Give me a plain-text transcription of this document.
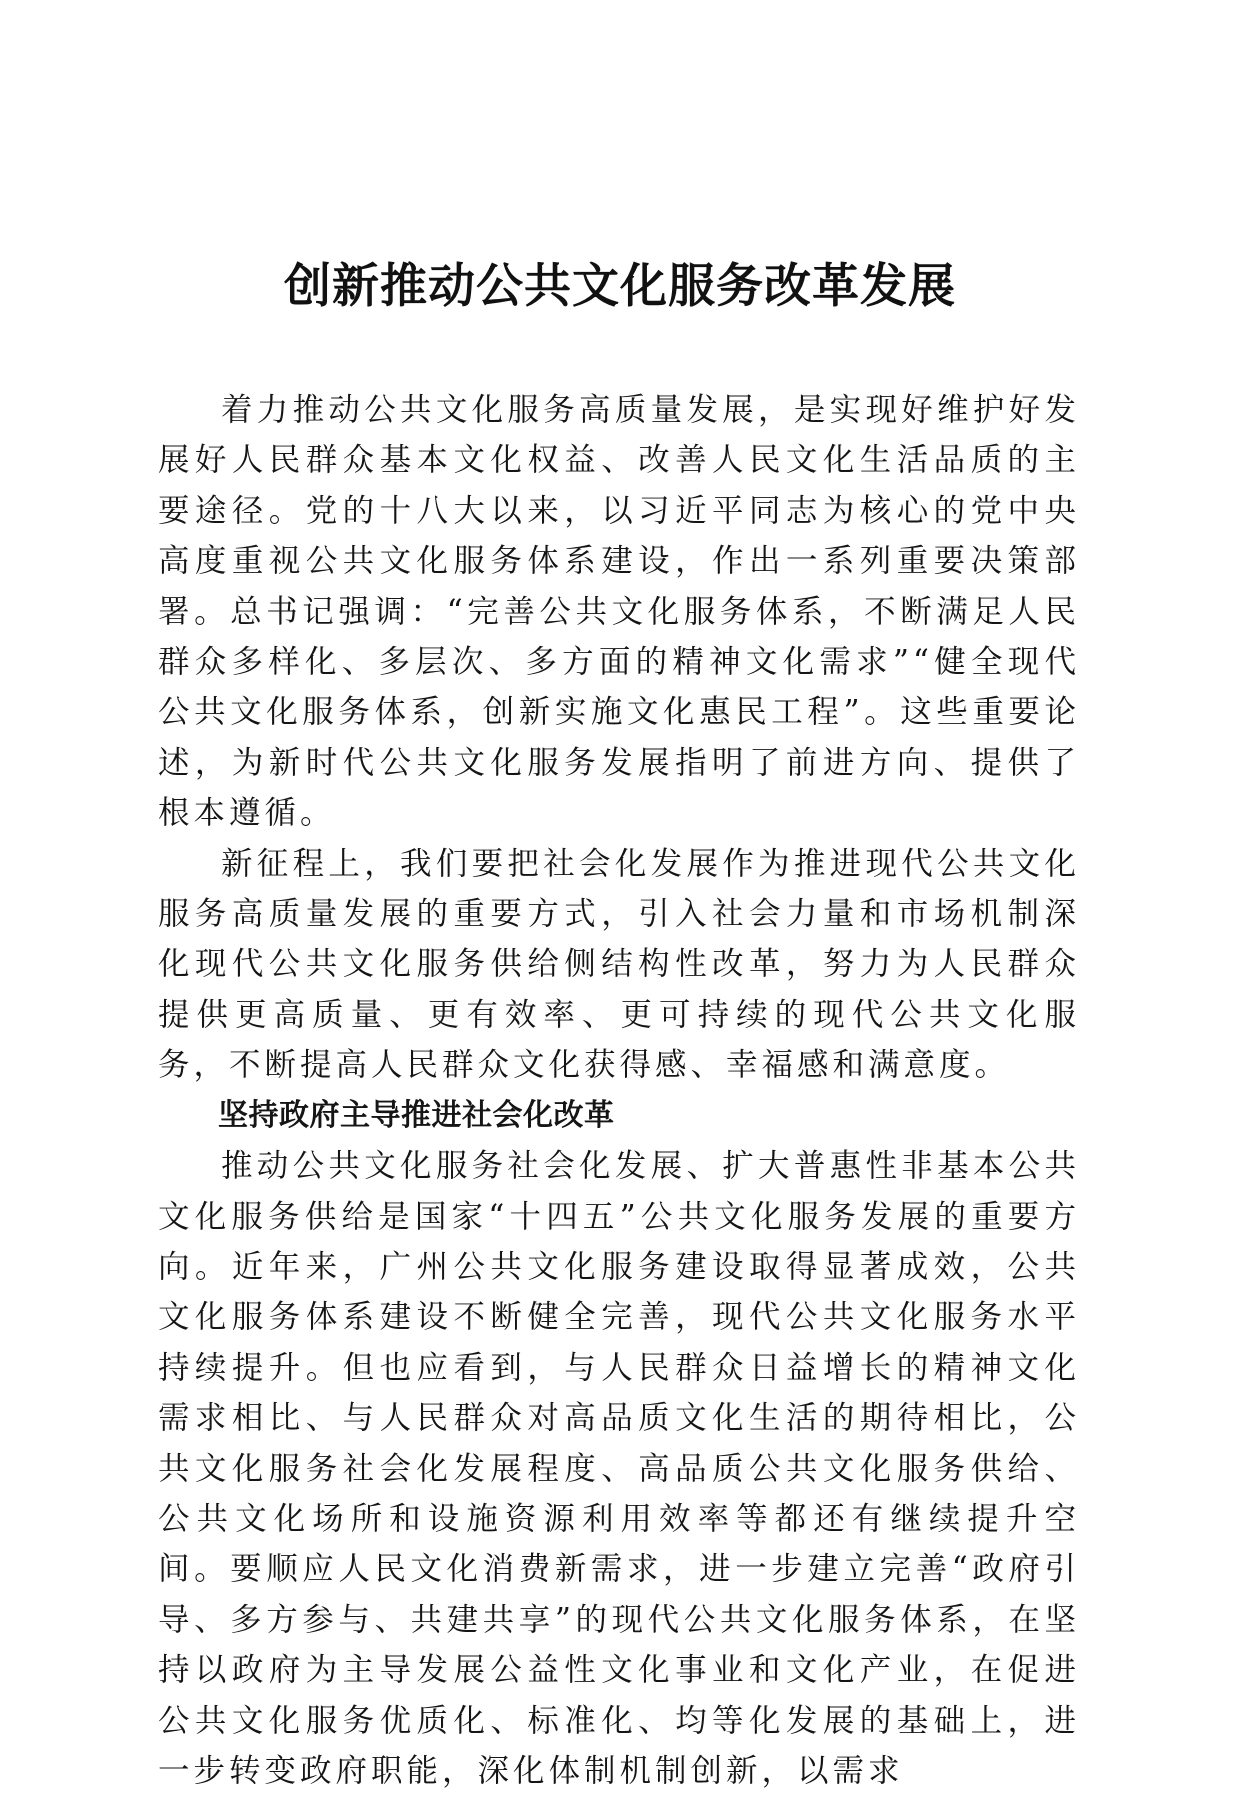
创新推动公共文化服务改革发展

着力推动公共文化服务高质量发展，是实现好维护好发展好人民群众基本文化权益、改善人民文化生活品质的主要途径。党的十八大以来，以习近平同志为核心的党中央高度重视公共文化服务体系建设，作出一系列重要决策部署。总书记强调：“完善公共文化服务体系，不断满足人民群众多样化、多层次、多方面的精神文化需求”“健全现代公共文化服务体系，创新实施文化惠民工程”。这些重要论述，为新时代公共文化服务发展指明了前进方向、提供了根本遵循。

新征程上，我们要把社会化发展作为推进现代公共文化服务高质量发展的重要方式，引入社会力量和市场机制深化现代公共文化服务供给侧结构性改革，努力为人民群众提供更高质量、更有效率、更可持续的现代公共文化服务，不断提高人民群众文化获得感、幸福感和满意度。

坚持政府主导推进社会化改革

推动公共文化服务社会化发展、扩大普惠性非基本公共文化服务供给是国家“十四五”公共文化服务发展的重要方向。近年来，广州公共文化服务建设取得显著成效，公共文化服务体系建设不断健全完善，现代公共文化服务水平持续提升。但也应看到，与人民群众日益增长的精神文化需求相比、与人民群众对高品质文化生活的期待相比，公共文化服务社会化发展程度、高品质公共文化服务供给、公共文化场所和设施资源利用效率等都还有继续提升空间。要顺应人民文化消费新需求，进一步建立完善“政府引导、多方参与、共建共享”的现代公共文化服务体系，在坚持以政府为主导发展公益性文化事业和文化产业，在促进公共文化服务优质化、标准化、均等化发展的基础上，进一步转变政府职能，深化体制机制创新，以需求
